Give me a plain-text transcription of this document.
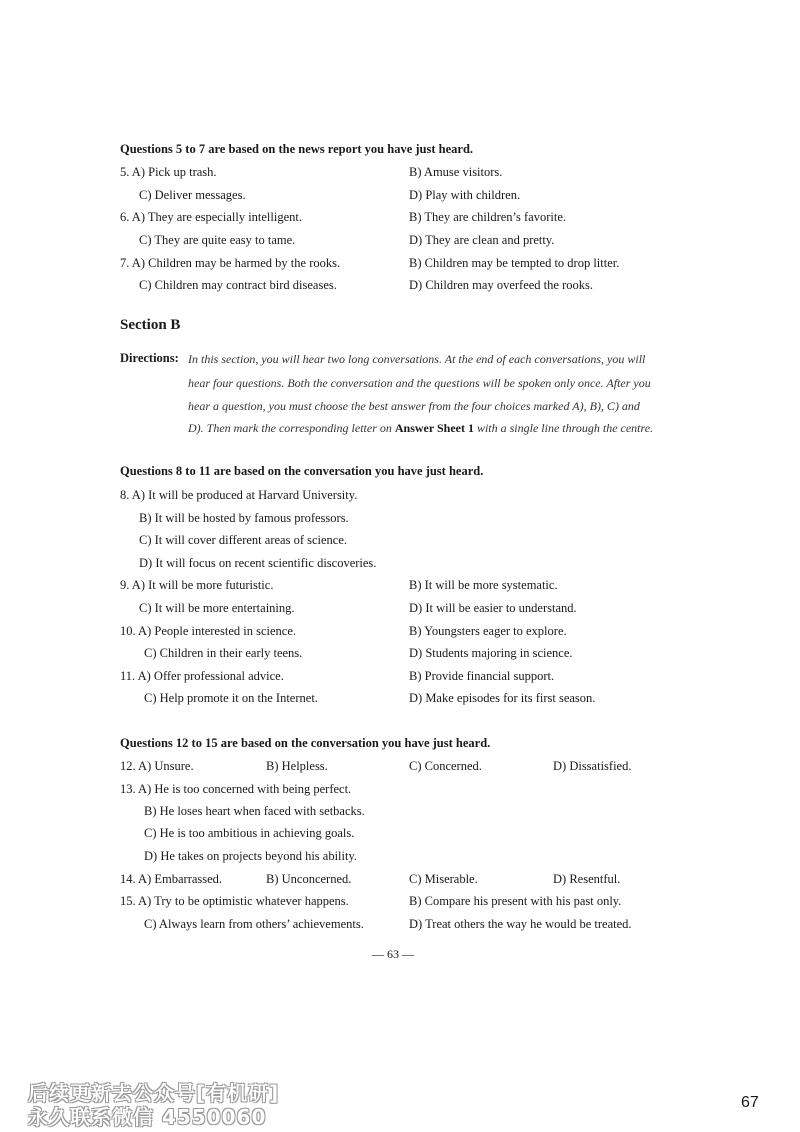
Questions 5 to 7 are based on the news report you have just heard.
5. A) Pick up trash.	B) Amuse visitors.
C) Deliver messages.	D) Play with children.
6. A) They are especially intelligent.	B) They are children’s favorite.
C) They are quite easy to tame.	D) They are clean and pretty.
7. A) Children may be harmed by the rooks.	B) Children may be tempted to drop litter.
C) Children may contract bird diseases.	D) Children may overfeed the rooks.
Section B
Directions: In this section, you will hear two long conversations. At the end of each conversations, you will
hear four questions. Both the conversation and the questions will be spoken only once. After you
hear a question, you must choose the best answer from the four choices marked A), B), C) and
D). Then mark the corresponding letter on Answer Sheet 1 with a single line through the centre.
Questions 8 to 11 are based on the conversation you have just heard.
8. A) It will be produced at Harvard University.
B) It will be hosted by famous professors.
C) It will cover different areas of science.
D) It will focus on recent scientific discoveries.
9. A) It will be more futuristic.	B) It will be more systematic.
C) It will be more entertaining.	D) It will be easier to understand.
10. A) People interested in science.	B) Youngsters eager to explore.
C) Children in their early teens.	D) Students majoring in science.
11. A) Offer professional advice.	B) Provide financial support.
C) Help promote it on the Internet.	D) Make episodes for its first season.
Questions 12 to 15 are based on the conversation you have just heard.
12. A) Unsure.	B) Helpless.	C) Concerned.	D) Dissatisfied.
13. A) He is too concerned with being perfect.
B) He loses heart when faced with setbacks.
C) He is too ambitious in achieving goals.
D) He takes on projects beyond his ability.
14. A) Embarrassed.	B) Unconcerned.	C) Miserable.	D) Resentful.
15. A) Try to be optimistic whatever happens.	B) Compare his present with his past only.
C) Always learn from others’ achievements.	D) Treat others the way he would be treated.
— 63 —
后续更新去公众号[有机研]
永久联系微信 4550060
67
